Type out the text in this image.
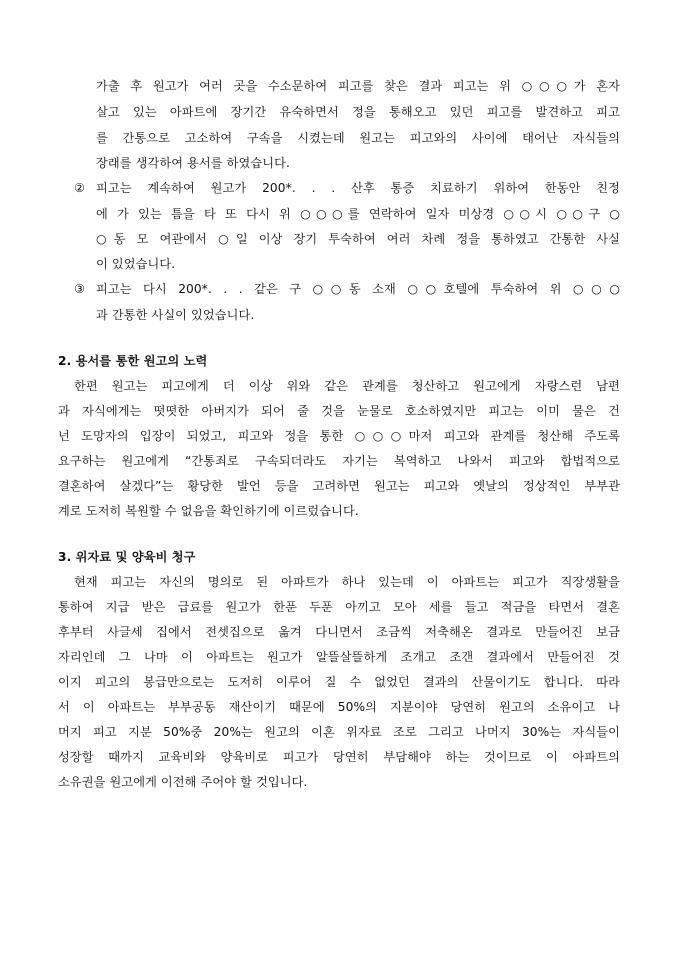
가출 후 원고가 여러 곳을 수소문하여 피고를 찾은 결과 피고는 위 ○○○가 혼자
살고 있는 아파트에 장기간 유숙하면서 정을 통해오고 있던 피고를 발견하고 피고
를 간통으로 고소하여 구속을 시켰는데 원고는 피고와의 사이에 태어난 자식들의
장래를 생각하여 용서를 하였습니다.
② 피고는 계속하여 원고가 200*. . . 산후 통증 치료하기 위하여 한동안 친정
에 가 있는 틈을 타 또 다시 위 ○○○를 연락하여 일자 미상경 ○○시 ○○구 ○
○동 모 여관에서 ○일 이상 장기 투숙하여 여러 차례 정을 통하였고 간통한 사실
이 있었습니다.
③ 피고는 다시 200*. . . 같은 구 ○○동 소재 ○○호텔에 투숙하여 위 ○○○
과 간통한 사실이 있었습니다.
2. 용서를 통한 원고의 노력
한편 원고는 피고에게 더 이상 위와 같은 관계를 청산하고 원고에게 자랑스런 남편
과 자식에게는 떳떳한 아버지가 되어 줄 것을 눈물로 호소하였지만 피고는 이미 물은 건
넌 도망자의 입장이 되었고, 피고와 정을 통한 ○○○마저 피고와 관계를 청산해 주도록
요구하는 원고에게 “간통죄로 구속되더라도 자기는 복역하고 나와서 피고와 합법적으로
결혼하여 살겠다”는 황당한 발언 등을 고려하면 원고는 피고와 옛날의 정상적인 부부관
계로 도저히 복원할 수 없음을 확인하기에 이르렀습니다.
3. 위자료 및 양육비 청구
현재 피고는 자신의 명의로 된 아파트가 하나 있는데 이 아파트는 피고가 직장생활을
통하여 지급 받은 급료를 원고가 한푼 두푼 아끼고 모아 세를 들고 적금을 타면서 결혼
후부터 사글세 집에서 전셋집으로 옮겨 다니면서 조금씩 저축해온 결과로 만들어진 보금
자리인데 그 나마 이 아파트는 원고가 알뜰살뜰하게 조개고 조갠 결과에서 만들어진 것
이지 피고의 봉급만으로는 도저히 이루어 질 수 없었던 결과의 산물이기도 합니다. 따라
서 이 아파트는 부부공동 재산이기 때문에 50%의 지분이야 당연히 원고의 소유이고 나
머지 피고 지분 50%중 20%는 원고의 이혼 위자료 조로 그리고 나머지 30%는 자식들이
성장할 때까지 교육비와 양육비로 피고가 당연히 부담해야 하는 것이므로 이 아파트의
소유권을 원고에게 이전해 주어야 할 것입니다.
